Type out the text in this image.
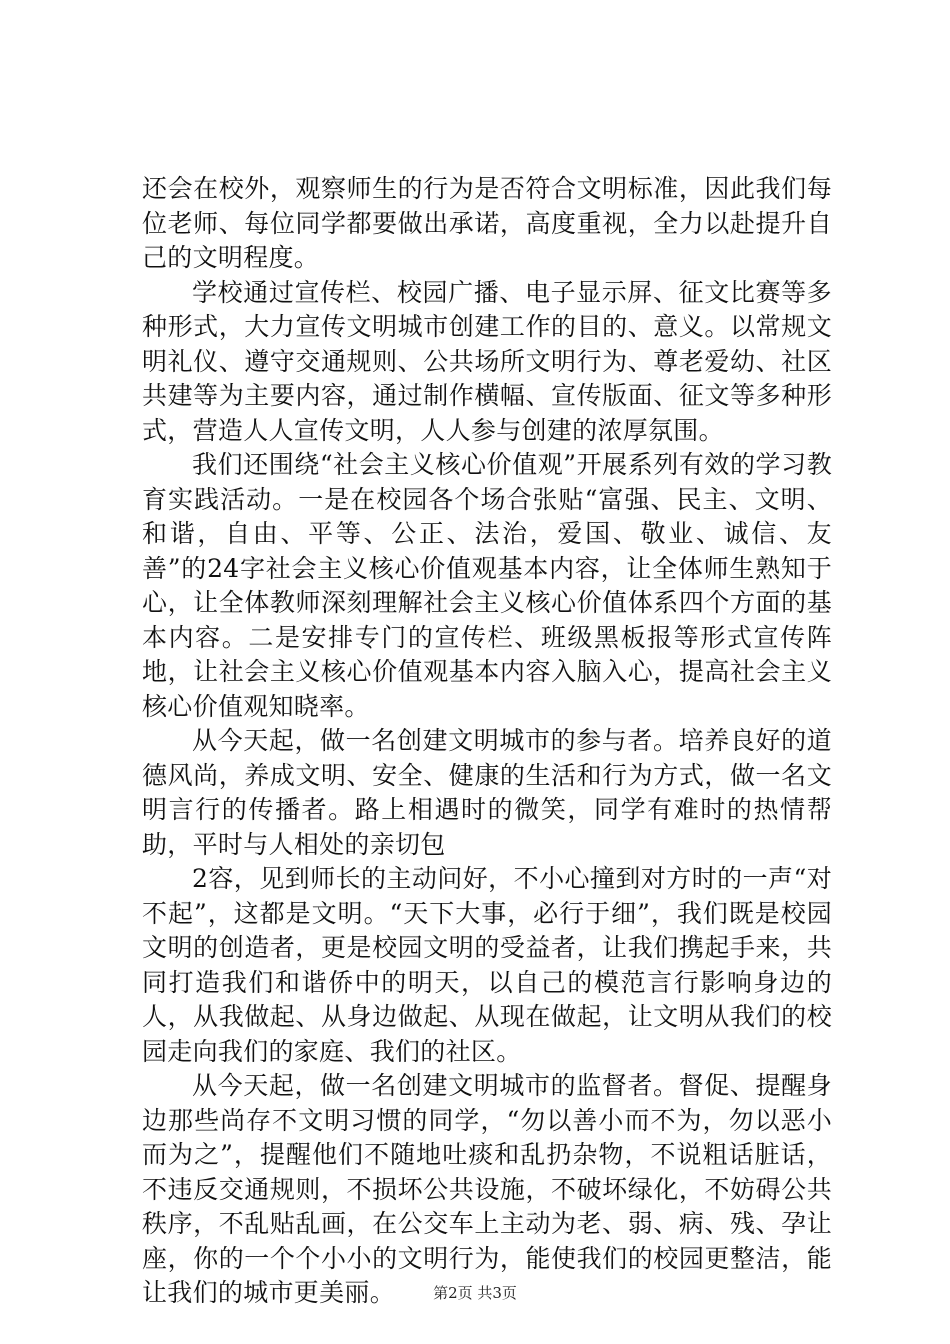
还会在校外，观察师生的行为是否符合文明标准，因此我们每位老师、每位同学都要做出承诺，高度重视，全力以赴提升自己的文明程度。

学校通过宣传栏、校园广播、电子显示屏、征文比赛等多种形式，大力宣传文明城市创建工作的目的、意义。以常规文明礼仪、遵守交通规则、公共场所文明行为、尊老爱幼、社区共建等为主要内容，通过制作横幅、宣传版面、征文等多种形式，营造人人宣传文明，人人参与创建的浓厚氛围。

我们还围绕“社会主义核心价值观”开展系列有效的学习教育实践活动。一是在校园各个场合张贴“富强、民主、文明、和谐，自由、平等、公正、法治，爱国、敬业、诚信、友善”的24字社会主义核心价值观基本内容，让全体师生熟知于心，让全体教师深刻理解社会主义核心价值体系四个方面的基本内容。二是安排专门的宣传栏、班级黑板报等形式宣传阵地，让社会主义核心价值观基本内容入脑入心，提高社会主义核心价值观知晓率。

从今天起，做一名创建文明城市的参与者。培养良好的道德风尚，养成文明、安全、健康的生活和行为方式，做一名文明言行的传播者。路上相遇时的微笑，同学有难时的热情帮助，平时与人相处的亲切包

2容，见到师长的主动问好，不小心撞到对方时的一声“对不起”，这都是文明。“天下大事，必行于细”，我们既是校园文明的创造者，更是校园文明的受益者，让我们携起手来，共同打造我们和谐侨中的明天，以自己的模范言行影响身边的人，从我做起、从身边做起、从现在做起，让文明从我们的校园走向我们的家庭、我们的社区。

从今天起，做一名创建文明城市的监督者。督促、提醒身边那些尚存不文明习惯的同学，“勿以善小而不为，勿以恶小而为之”，提醒他们不随地吐痰和乱扔杂物，不说粗话脏话，不违反交通规则，不损坏公共设施，不破坏绿化，不妨碍公共秩序，不乱贴乱画，在公交车上主动为老、弱、病、残、孕让座，你的一个个小小的文明行为，能使我们的校园更整洁，能让我们的城市更美丽。	第2页 共3页
